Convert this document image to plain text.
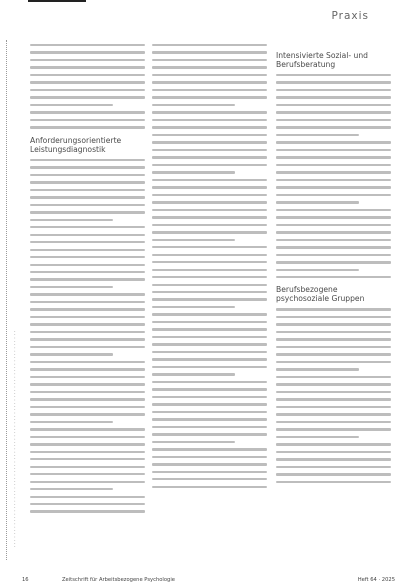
· · · · · · · · · · · · · · · · · · · · · · · · · · · · · · · · · · · · · · · · · · · · · · · · · · · · · · · · · · · · · · · · · · ·
Praxis
Anforderungsorientierte Leistungsdiagnostik
Intensivierte Sozial- und Berufsberatung
Berufsbezogene psychosoziale Gruppen
16	Zeitschrift für Arbeitsbezogene Psychologie	Heft 64 · 2025
